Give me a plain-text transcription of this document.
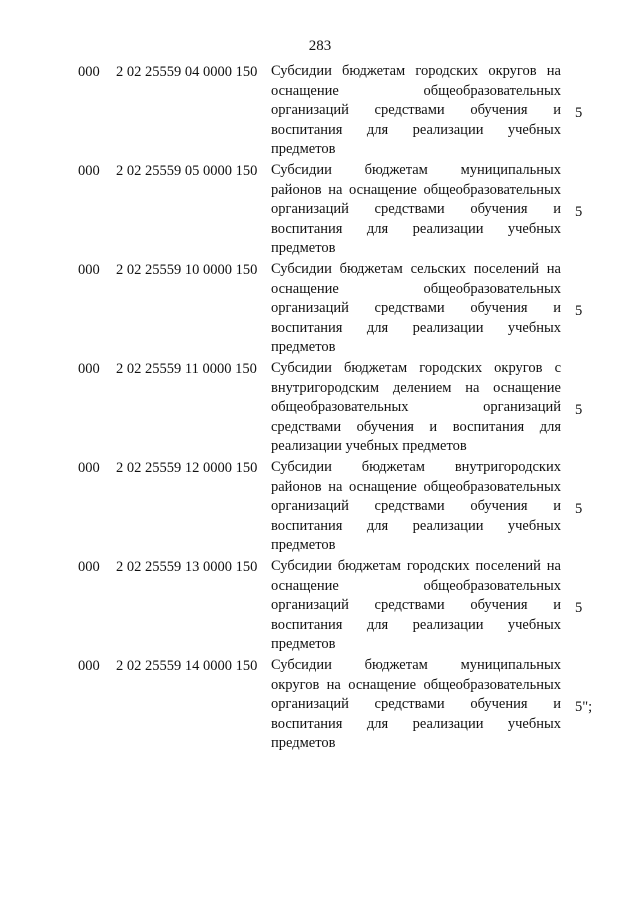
283
000 2 02 25559 04 0000 150 Субсидии бюджетам городских округов на
оснащение	общеобразовательных
организаций средствами обучения и
воспитания для реализации учебных
предметов
5
000 2 02 25559 05 0000 150 Субсидии бюджетам муниципальных
районов на оснащение общеобразовательных
организаций средствами обучения и
воспитания для реализации учебных
предметов
5
000 2 02 25559 10 0000 150 Субсидии бюджетам сельских поселений на
оснащение	общеобразовательных
организаций средствами обучения и
воспитания для реализации учебных
предметов
5
000 2 02 25559 11 0000 150 Субсидии бюджетам городских округов с
внутригородским делением на оснащение
общеобразовательных	организаций
средствами обучения и воспитания для
реализации учебных предметов
5
000 2 02 25559 12 0000 150 Субсидии бюджетам внутригородских
районов на оснащение общеобразовательных
организаций средствами обучения и
воспитания для реализации учебных
предметов
5
000 2 02 25559 13 0000 150 Субсидии бюджетам городских поселений на
оснащение	общеобразовательных
организаций средствами обучения и
воспитания для реализации учебных
предметов
5
000 2 02 25559 14 0000 150 Субсидии бюджетам муниципальных
округов на оснащение общеобразовательных
организаций средствами обучения и
воспитания для реализации учебных
предметов
5";
